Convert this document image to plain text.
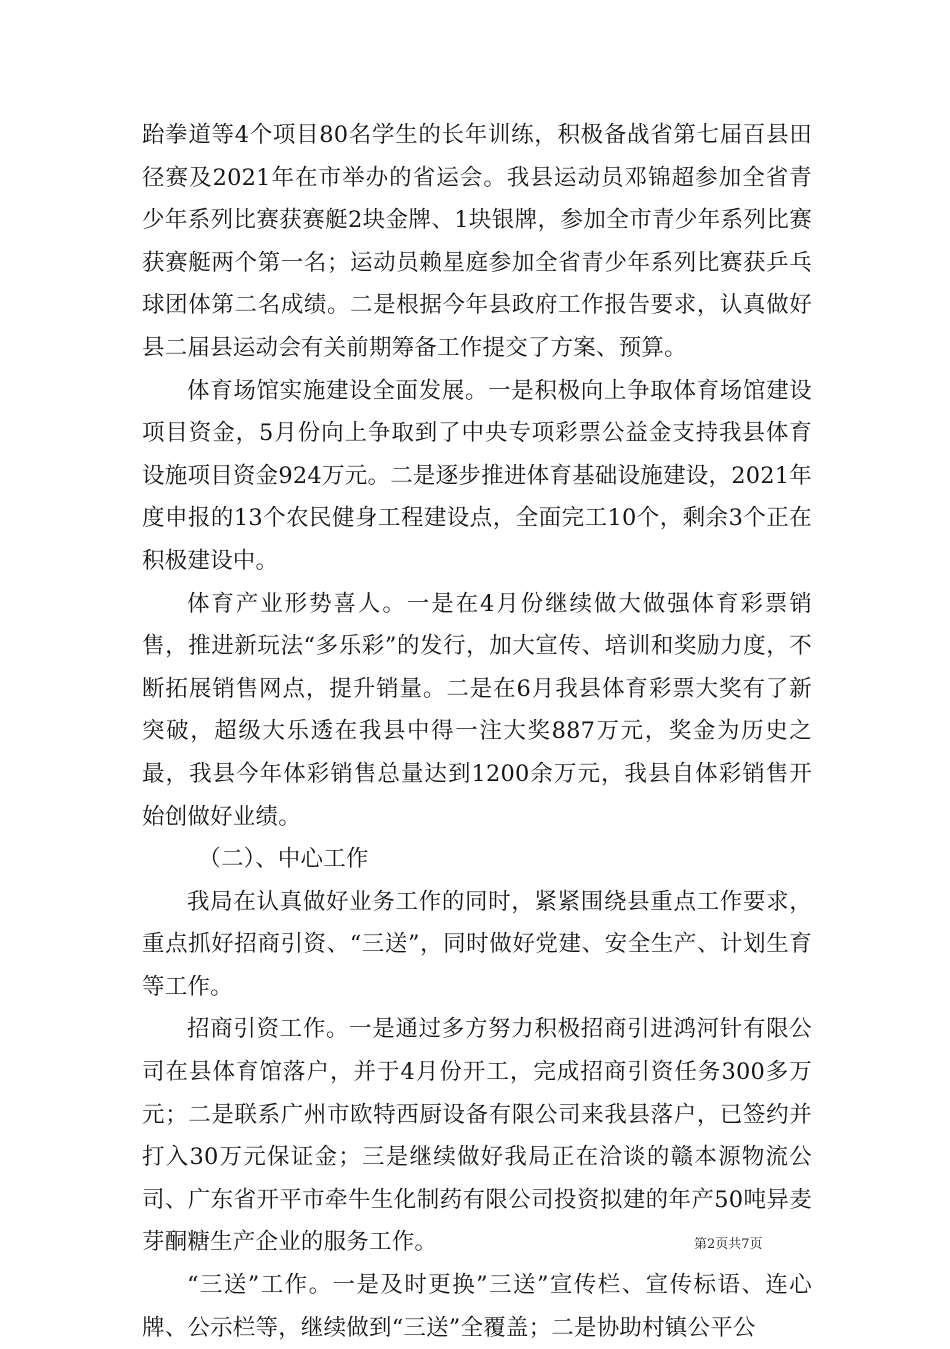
跆拳道等4个项目80名学生的长年训练，积极备战省第七届百县田径赛及2021年在市举办的省运会。我县运动员邓锦超参加全省青少年系列比赛获赛艇2块金牌、1块银牌，参加全市青少年系列比赛获赛艇两个第一名；运动员赖星庭参加全省青少年系列比赛获乒乓球团体第二名成绩。二是根据今年县政府工作报告要求，认真做好县二届县运动会有关前期筹备工作提交了方案、预算。

体育场馆实施建设全面发展。一是积极向上争取体育场馆建设项目资金，5月份向上争取到了中央专项彩票公益金支持我县体育设施项目资金924万元。二是逐步推进体育基础设施建设，2021年度申报的13个农民健身工程建设点，全面完工10个，剩余3个正在积极建设中。

体育产业形势喜人。一是在4月份继续做大做强体育彩票销售，推进新玩法“多乐彩”的发行，加大宣传、培训和奖励力度，不断拓展销售网点，提升销量。二是在6月我县体育彩票大奖有了新突破，超级大乐透在我县中得一注大奖887万元，奖金为历史之最，我县今年体彩销售总量达到1200余万元，我县自体彩销售开始创做好业绩。

（二）、中心工作

我局在认真做好业务工作的同时，紧紧围绕县重点工作要求，重点抓好招商引资、“三送”，同时做好党建、安全生产、计划生育等工作。

招商引资工作。一是通过多方努力积极招商引进鸿河针有限公司在县体育馆落户，并于4月份开工，完成招商引资任务300多万元；二是联系广州市欧特西厨设备有限公司来我县落户，已签约并打入30万元保证金；三是继续做好我局正在洽谈的赣本源物流公司、广东省开平市牵牛生化制药有限公司投资拟建的年产50吨异麦芽酮糖生产企业的服务工作。

“三送”工作。一是及时更换”三送”宣传栏、宣传标语、连心牌、公示栏等，继续做到“三送”全覆盖；二是协助村镇公平公

第2页共7页
